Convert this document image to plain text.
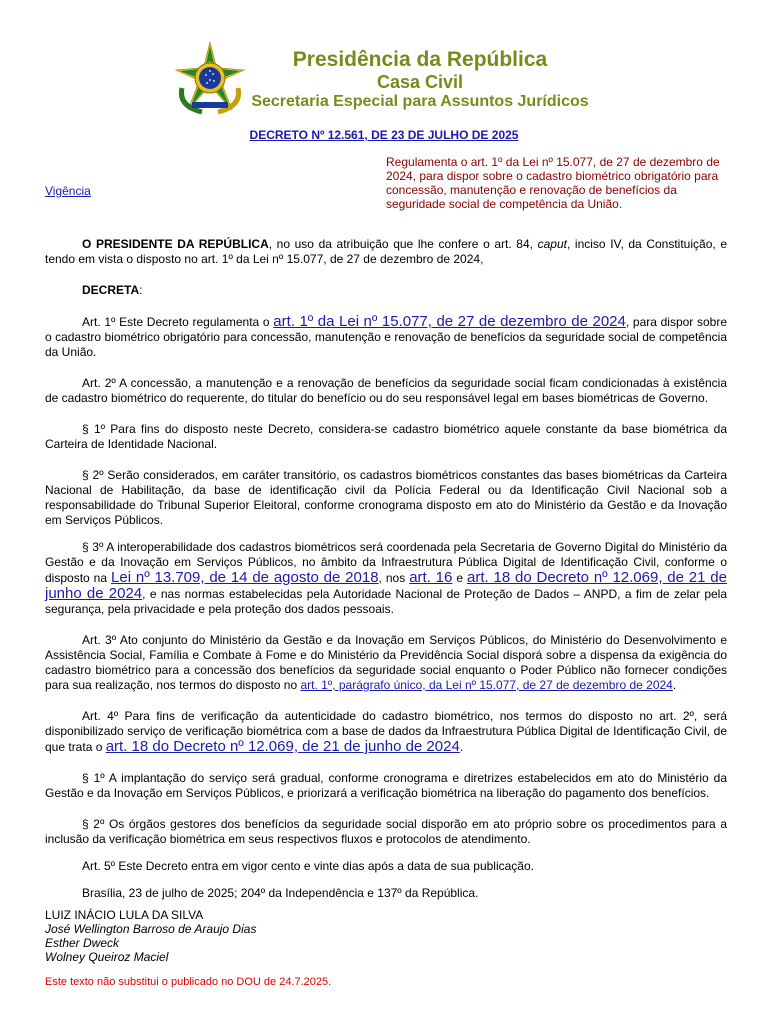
Presidência da República
Casa Civil
Secretaria Especial para Assuntos Jurídicos
DECRETO Nº 12.561, DE 23 DE JULHO DE 2025
Vigência
Regulamenta o art. 1º da Lei nº 15.077, de 27 de dezembro de 2024, para dispor sobre o cadastro biométrico obrigatório para concessão, manutenção e renovação de benefícios da seguridade social de competência da União.

O PRESIDENTE DA REPÚBLICA, no uso da atribuição que lhe confere o art. 84, caput, inciso IV, da Constituição, e tendo em vista o disposto no art. 1º da Lei nº 15.077, de 27 de dezembro de 2024,

DECRETA:

Art. 1º Este Decreto regulamenta o art. 1º da Lei nº 15.077, de 27 de dezembro de 2024, para dispor sobre o cadastro biométrico obrigatório para concessão, manutenção e renovação de benefícios da seguridade social de competência da União.

Art. 2º A concessão, a manutenção e a renovação de benefícios da seguridade social ficam condicionadas à existência de cadastro biométrico do requerente, do titular do benefício ou do seu responsável legal em bases biométricas de Governo.

§ 1º Para fins do disposto neste Decreto, considera-se cadastro biométrico aquele constante da base biométrica da Carteira de Identidade Nacional.

§ 2º Serão considerados, em caráter transitório, os cadastros biométricos constantes das bases biométricas da Carteira Nacional de Habilitação, da base de identificação civil da Polícia Federal ou da Identificação Civil Nacional sob a responsabilidade do Tribunal Superior Eleitoral, conforme cronograma disposto em ato do Ministério da Gestão e da Inovação em Serviços Públicos.

§ 3º A interoperabilidade dos cadastros biométricos será coordenada pela Secretaria de Governo Digital do Ministério da Gestão e da Inovação em Serviços Públicos, no âmbito da Infraestrutura Pública Digital de Identificação Civil, conforme o disposto na Lei nº 13.709, de 14 de agosto de 2018, nos art. 16 e art. 18 do Decreto nº 12.069, de 21 de junho de 2024, e nas normas estabelecidas pela Autoridade Nacional de Proteção de Dados – ANPD, a fim de zelar pela segurança, pela privacidade e pela proteção dos dados pessoais.

Art. 3º Ato conjunto do Ministério da Gestão e da Inovação em Serviços Públicos, do Ministério do Desenvolvimento e Assistência Social, Família e Combate à Fome e do Ministério da Previdência Social disporá sobre a dispensa da exigência do cadastro biométrico para a concessão dos benefícios da seguridade social enquanto o Poder Público não fornecer condições para sua realização, nos termos do disposto no art. 1º, parágrafo único, da Lei nº 15.077, de 27 de dezembro de 2024.

Art. 4º Para fins de verificação da autenticidade do cadastro biométrico, nos termos do disposto no art. 2º, será disponibilizado serviço de verificação biométrica com a base de dados da Infraestrutura Pública Digital de Identificação Civil, de que trata o art. 18 do Decreto nº 12.069, de 21 de junho de 2024.

§ 1º A implantação do serviço será gradual, conforme cronograma e diretrizes estabelecidos em ato do Ministério da Gestão e da Inovação em Serviços Públicos, e priorizará a verificação biométrica na liberação do pagamento dos benefícios.

§ 2º Os órgãos gestores dos benefícios da seguridade social disporão em ato próprio sobre os procedimentos para a inclusão da verificação biométrica em seus respectivos fluxos e protocolos de atendimento.

Art. 5º Este Decreto entra em vigor cento e vinte dias após a data de sua publicação.

Brasília, 23 de julho de 2025; 204º da Independência e 137º da República.

LUIZ INÁCIO LULA DA SILVA
José Wellington Barroso de Araujo Dias
Esther Dweck
Wolney Queiroz Maciel
Este texto não substitui o publicado no DOU de 24.7.2025.
